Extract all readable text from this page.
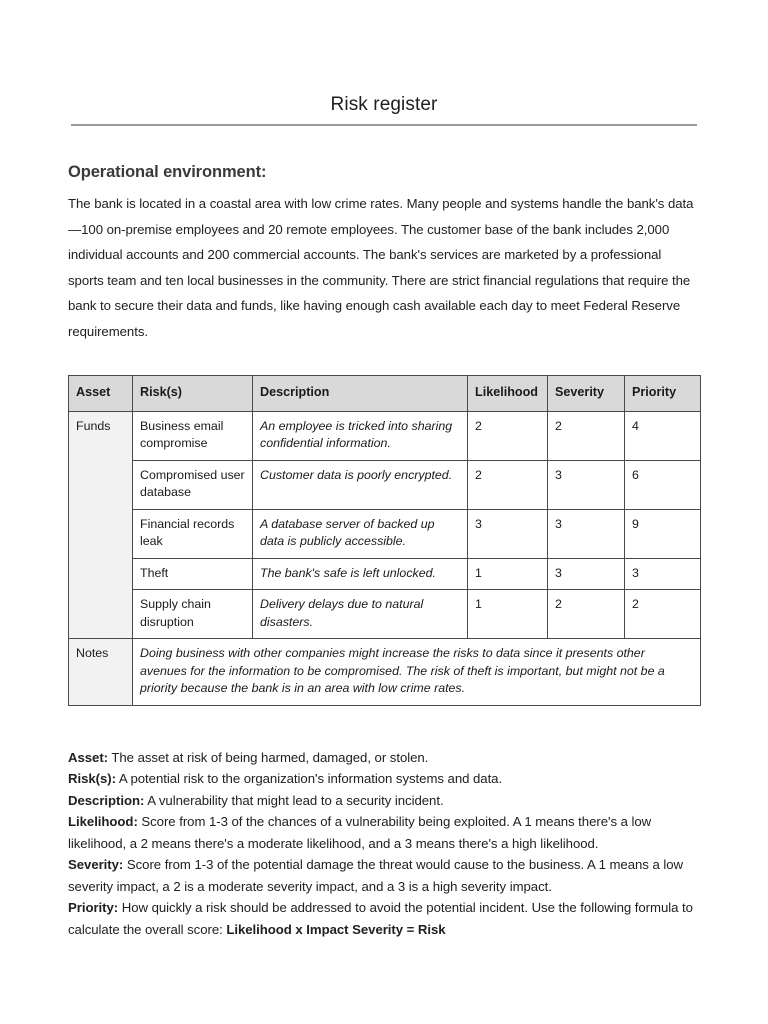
Risk register
Operational environment:

The bank is located in a coastal area with low crime rates. Many people and systems handle the bank's data—100 on-premise employees and 20 remote employees. The customer base of the bank includes 2,000 individual accounts and 200 commercial accounts. The bank's services are marketed by a professional sports team and ten local businesses in the community. There are strict financial regulations that require the bank to secure their data and funds, like having enough cash available each day to meet Federal Reserve requirements.

Asset	Risk(s)	Description	Likelihood	Severity	Priority
Funds	Business email compromise	An employee is tricked into sharing confidential information.	2	2	4
	Compromised user database	Customer data is poorly encrypted.	2	3	6
	Financial records leak	A database server of backed up data is publicly accessible.	3	3	9
	Theft	The bank's safe is left unlocked.	1	3	3
	Supply chain disruption	Delivery delays due to natural disasters.	1	2	2
Notes	Doing business with other companies might increase the risks to data since it presents other avenues for the information to be compromised. The risk of theft is important, but might not be a priority because the bank is in an area with low crime rates.				

Asset: The asset at risk of being harmed, damaged, or stolen.

Risk(s): A potential risk to the organization's information systems and data.

Description: A vulnerability that might lead to a security incident.

Likelihood: Score from 1-3 of the chances of a vulnerability being exploited. A 1 means there's a low likelihood, a 2 means there's a moderate likelihood, and a 3 means there's a high likelihood.

Severity: Score from 1-3 of the potential damage the threat would cause to the business. A 1 means a low severity impact, a 2 is a moderate severity impact, and a 3 is a high severity impact.

Priority: How quickly a risk should be addressed to avoid the potential incident. Use the following formula to calculate the overall score: Likelihood x Impact Severity = Risk
